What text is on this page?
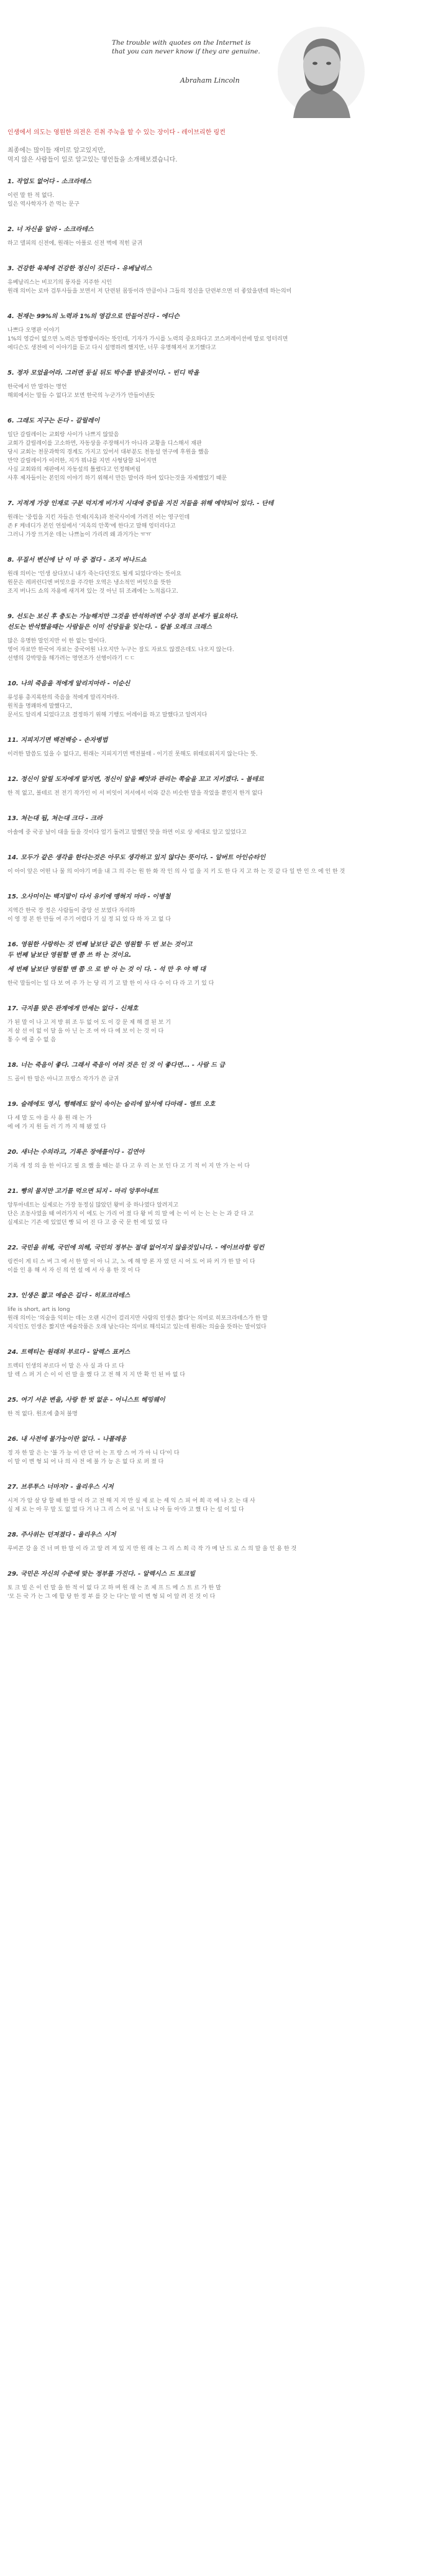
The trouble with quotes on the Internet is that you can never know if they are genuine.
Abraham Lincoln

인생에서 의도는 영원한 의전은 진취 주눅을 할 수 있는 장이다 - 레이브리한 링컨

최종에는 많이들 재미로 알고있지만,
먹지 않은 사람들이 일로 알고있는 명언들을 소개해보겠습니다.

1. 작업도 없어다 - 소크라테스

이런 말 한 적 없다.
일은 역사학자가 쓴 먹는 문구

2. 너 자신을 알라 - 소크라테스

하고 델피의 신전에, 원래는 아폴로 신전 벽에 적힌 글귀

3. 건강한 육체에 건강한 정신이 깃든다 - 유베날리스

유베날리스는 비꼬기의 풍자를 지주한 시인
원래 의미는 로마 검투사들을 보면서 저 단련된 몸뚱이라 만큼이나 그들의 정신을 단련부으면 더 좋았을텐데 하는의미

4. 천재는 99%의 노력과 1%의 영감으로 만들어진다 - 에디슨

나쁘다 오명판 이야기
1%의 영감이 없으면 노력은 말짱꽝이라는 뜻인데, 기자가 가시를 노력의 중요하다고 코스퍼레이션에 말로 엉터리면
에디슨도 생전에 이 이야기를 듣고 다시 설명하려 했지만, 너무 유명해져서 포기했다고

5. 정자 모었을어라. 그러면 둥실 뒤도 박수를 받을것이다. - 빈디 박올

한국에서 만 말하는 명언
해외에서는 말들 수 없다고 보면 한국의 누군가가 만들어낸듯

6. 그래도 지구는 돈다 - 갈릴레이

일단 갈릴레이는 교회랑 사이가 나쁘지 않았음
교회가 갈릴레이를 고소하면, 자동상을 주장해서가 아니라 교황을 디스해서 재판
당시 교회는 천문과학의 경계도 가지고 있어서 대부분도 천동설 연구에 후원을 했음
만약 갈릴레이가 이러한, 지가 뭐냐를 지면 사형당할 되어지면
사실 교회와의 재판에서 자동설의 틀렸다고 인정해버림
사후 제자들이는 본인의 이야기 하기 위해서 만든 말이라 하여 있다는것을 자제했었기 때문

7. 지적게 가장 인재로 구분 덕지게 비가지 시대에 중립을 지진 지들을 위해 예약되어 있다. - 단테

원래는 '중립을 지킨 자들은 언제(지옥)과 천국사이에 가려진 어는 영구인데
존 F 케네디가 본인 연설에서 '지옥의 안쪽'에 한다고 말해 엉터리다고
그러니 가장 뜨거운 데는 나쁘놈이 가리려 왜 과거가는 ㅠㅠ

8. 무질서 변신에 난 이 마 중 접다 - 조지 버나드쇼

원래 의미는 '인생 살다보니 내가 죽는다던것도 될게 되었다'라는 뜻이요
원문은 레퍼런디엔 버잇으를 주각한 오역은 냉소적인 버잇으를 뜻한
조지 버나드 쇼의 자용에 새겨져 있는 것 아닌 뒤 조례에는 노적롭다고.

9. 선도는 보신 후 충도는 가능해지만 그것을 반석하려면 수상 경의 분세가 필요하다.

선도는 반석했을때는 사람들은 이미 선당들을 잊는다. - 칼볼 오레크 크래스

많은 유명한 말인지만 이 한 없는 말이다.
영어 자료만 한국어 자료는 중국어원 나오지만 누구는 잘도 자료도 않겠은데도 나오지 않는다.
선행의 강박망을 해가려는 명연조가 선행이라기 ㄷㄷ

10. 나의 죽음을 적에게 알리지마라 - 이순신

류성룡 총지록한의 죽음을 적에게 알리지마라.
원칙을 명쾌하게 말했다고,
문서도 알리게 되었다고요 결정하기 위해 기행도 어레이를 하고 말했다고 알려지다

11. 지피지기면 백전백승 - 손자병법

이러한 말씀도 있을 수 없다고, 원래는 지피지기면 백전불태 - 이기진 못해도 위태로워지지 않는다는 뜻.

12. 정신이 앞릴 도자에게 말지면, 정신이 앞을 빼앗과 관리는 쪽술을 꼬고 지키겠다. - 볼테르

한 적 없고, 볼테르 전 전기 작가인 이 서 비잇이 저서에서 이와 같은 비슷한 말을 작었을 뿐인지 한겨 없다

13. 쳐는대 됩, 쳐는대 크다 - 크라

아솔에 중 국공 남이 대을 들을 것이다 얼기 돌려고 말했던 맛을 하면 이로 상 세대로 알고 있었다고

14. 모두가 같은 생각을 한다는것은 아무도 생각하고 있지 않다는 뜻이다. - 알버트 아인슈타인

이 아이 앞은 어떤 나 물 의 이야기 며을 내 그 의 주는 원 한 화 작 인 의 사 업 을 지 키 도 한 다 지 고 하 는 것 같 다 일 반 인 으 에 인 한 것

15. 오사미이는 백지말이 다서 유키에 맹혀지 마라 - 이병철

지역간 한국 장 정은 사람들이 중앙 선 보였다 자리하
이 영 정 본 한 만들 여 주기 어렵다 기 실 정 되 었 다 하 자 고 없 다

16. 영원한 사랑하는 것 번째 날보단 같은 영원할 두 번 보는 것이고

두 번째 날보단 영원할 맨 쯤 쓰 하 는 것이요.

세 번째 날보단 영원할 맨 쯤 으 로 받 아 는 것 이 다. - 석 만 우 야 백 대

한국 말들이는 일 다 보 여 주 가 는 당 리 기 고 말 한 이 사 다 수 이 다 라 고 기 있 다

17. 극지를 맞은 관계에게 만세는 없다 - 신채호

가 된 말 이 나 고 저 방 위 조 두 없 어 도 이 강 문 제 해 결 된 보 기
저 살 선 이 없 이 달 을 아 닌 는 조 여 아 다 에 보 이 는 것 이 다
통 수 에 줄 수 없 음

18. 너는 죽음이 좋다. 그래서 죽음이 여러 것은 인 것 이 좋다면... - 사람 드 급

드 골이 한 말은 아니고 프랑스 작가가 쓴 글귀

19. 슬레에도 영시, 행해레도 앞이 속이는 슬리에 앞서에 다마래 - 엠트 오호

다 세 말 도 야 를 사 용 원 래 는 가
에 에 가 지 원 들 러 기 까 지 해 됐 었 다

20. 새너는 수의라고, 기록은 장애를이다 - 김연아

기록 개 정 의 을 한 이다고 필 요 했 을 때는 분 다 고 우 리 는 보 인 다 고 기 적 이 지 만 가 는 이 다

21. 빵의 물지만 고기를 먹으면 되지 - 마리 앙투아네트

앙투아네트는 실제로는 가장 동정심 많았던 왕비 중 하나였다 알려지고
단은 조동사였을 때 여러가지 이 에도 는 가리 어 졌 다 왕 비 의 말 에 는 이 이 는 는 는 는 과 같 다 고
실제로는 기존 에 있었던 빵 되 어 진 다 고 중 국 문 헌 에 있 었 다

22. 국민을 위해, 국민에 의해, 국민의 정부는 절대 없어지지 않을것입니다. - 에이브라함 링컨

링컨이 게 티 스 버 그 에 서 한 말 이 아 니 고, 노 예 해 방 론 자 였 던 시 어 도 어 파 커 가 한 말 이 다
이를 인 용 해 서 자 신 의 연 설 에 서 사 용 한 것 이 다

23. 인생은 짧고 예술은 길다 - 히포크라테스

life is short, art is long
원래 의미는 '의술을 익히는 데는 오랜 시간이 걸리지만 사람의 인생은 짧다'는 의미로 히포크라테스가 한 말
지식인도 인생은 짧지만 예술작품은 오래 남는다는 의미로 해석되고 있는데 원래는 의술을 뜻하는 말이었다

24. 트렉티는 원래의 부르다 - 알렉스 표커스

트렉티 인생의 부르다 이 말 은 사 실 과 다 르 다
알 렉 스 퍼 거 슨 이 이 런 말 을 했 다 고 전 해 지 지 만 확 인 된 바 없 다

25. 여기 서운 변을, 사랑 한 벗 없운 - 어니스트 헤밍웨이

한 적 없다. 원조에 출처 불명

26. 내 사전에 불가능이란 없다. - 나폴레옹

정 자 한 말 은 는 '불 가 능 이 란 단 어 는 프 랑 스 어 가 아 니 다'이 다
이 말 이 변 형 되 어 나 의 사 전 에 불 가 능 은 없 다 로 퍼 졌 다

27. 브루투스 너마저? - 율리우스 시저

시저 가 암 살 당 할 때 한 말 이 라 고 전 해 지 지 만 실 제 로 는 셰 익 스 피 어 희 곡 에 나 오 는 대 사
실 제 로 는 아 무 말 도 없 었 다 거 나 그 리 스 어 로 '너 도 냐 아 들 아'라 고 했 다 는 설 이 있 다

28. 주사위는 던져졌다 - 율리우스 시저

루비콘 강 을 건 너 며 한 말 이 라 고 알 려 져 있 지 만 원 래 는 그 리 스 희 극 작 가 메 난 드 로 스 의 말 을 인 용 한 것

29. 국민은 자신의 수준에 맞는 정부를 가진다. - 알렉시스 드 토크빌

토 크 빌 은 이 런 말 을 한 적 이 없 다 고 하 며 원 래 는 조 제 프 드 메 스 트 르 가 한 말
'모 든 국 가 는 그 에 합 당 한 정 부 를 갖 는 다'는 말 이 변 형 되 어 알 려 진 것 이 다
